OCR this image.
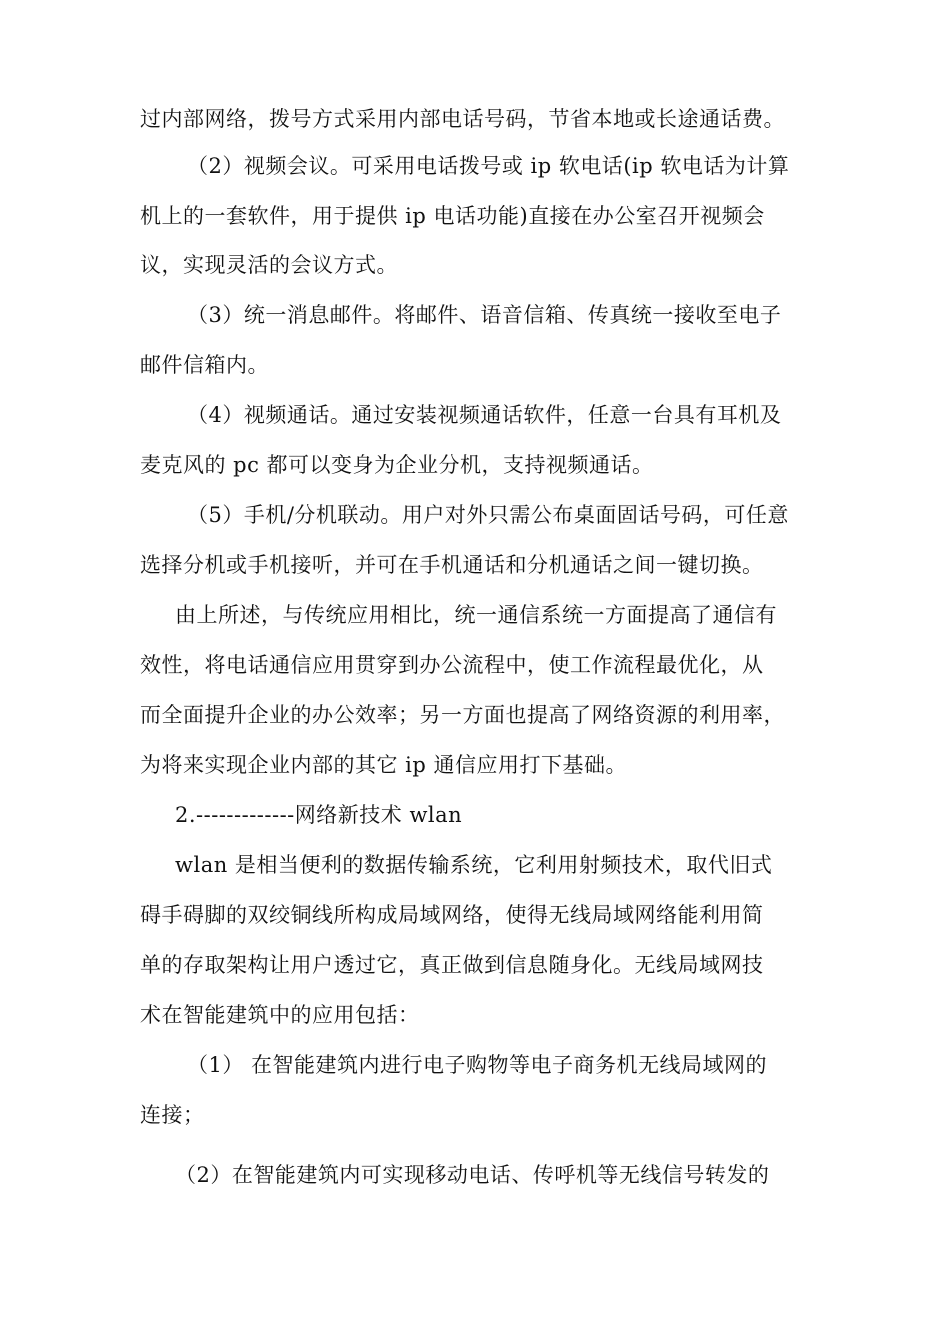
过内部网络，拨号方式采用内部电话号码，节省本地或长途通话费。
（2）视频会议。可采用电话拨号或 ip 软电话(ip 软电话为计算
机上的一套软件，用于提供 ip 电话功能)直接在办公室召开视频会
议，实现灵活的会议方式。
（3）统一消息邮件。将邮件、语音信箱、传真统一接收至电子
邮件信箱内。
（4）视频通话。通过安装视频通话软件，任意一台具有耳机及
麦克风的 pc 都可以变身为企业分机，支持视频通话。
（5）手机/分机联动。用户对外只需公布桌面固话号码，可任意
选择分机或手机接听，并可在手机通话和分机通话之间一键切换。
由上所述，与传统应用相比，统一通信系统一方面提高了通信有
效性，将电话通信应用贯穿到办公流程中，使工作流程最优化，从
而全面提升企业的办公效率；另一方面也提高了网络资源的利用率，
为将来实现企业内部的其它 ip 通信应用打下基础。
2.-------------网络新技术 wlan
wlan 是相当便利的数据传输系统，它利用射频技术，取代旧式
碍手碍脚的双绞铜线所构成局域网络，使得无线局域网络能利用简
单的存取架构让用户透过它，真正做到信息随身化。无线局域网技
术在智能建筑中的应用包括：
（1） 在智能建筑内进行电子购物等电子商务机无线局域网的
连接；
（2）在智能建筑内可实现移动电话、传呼机等无线信号转发的
